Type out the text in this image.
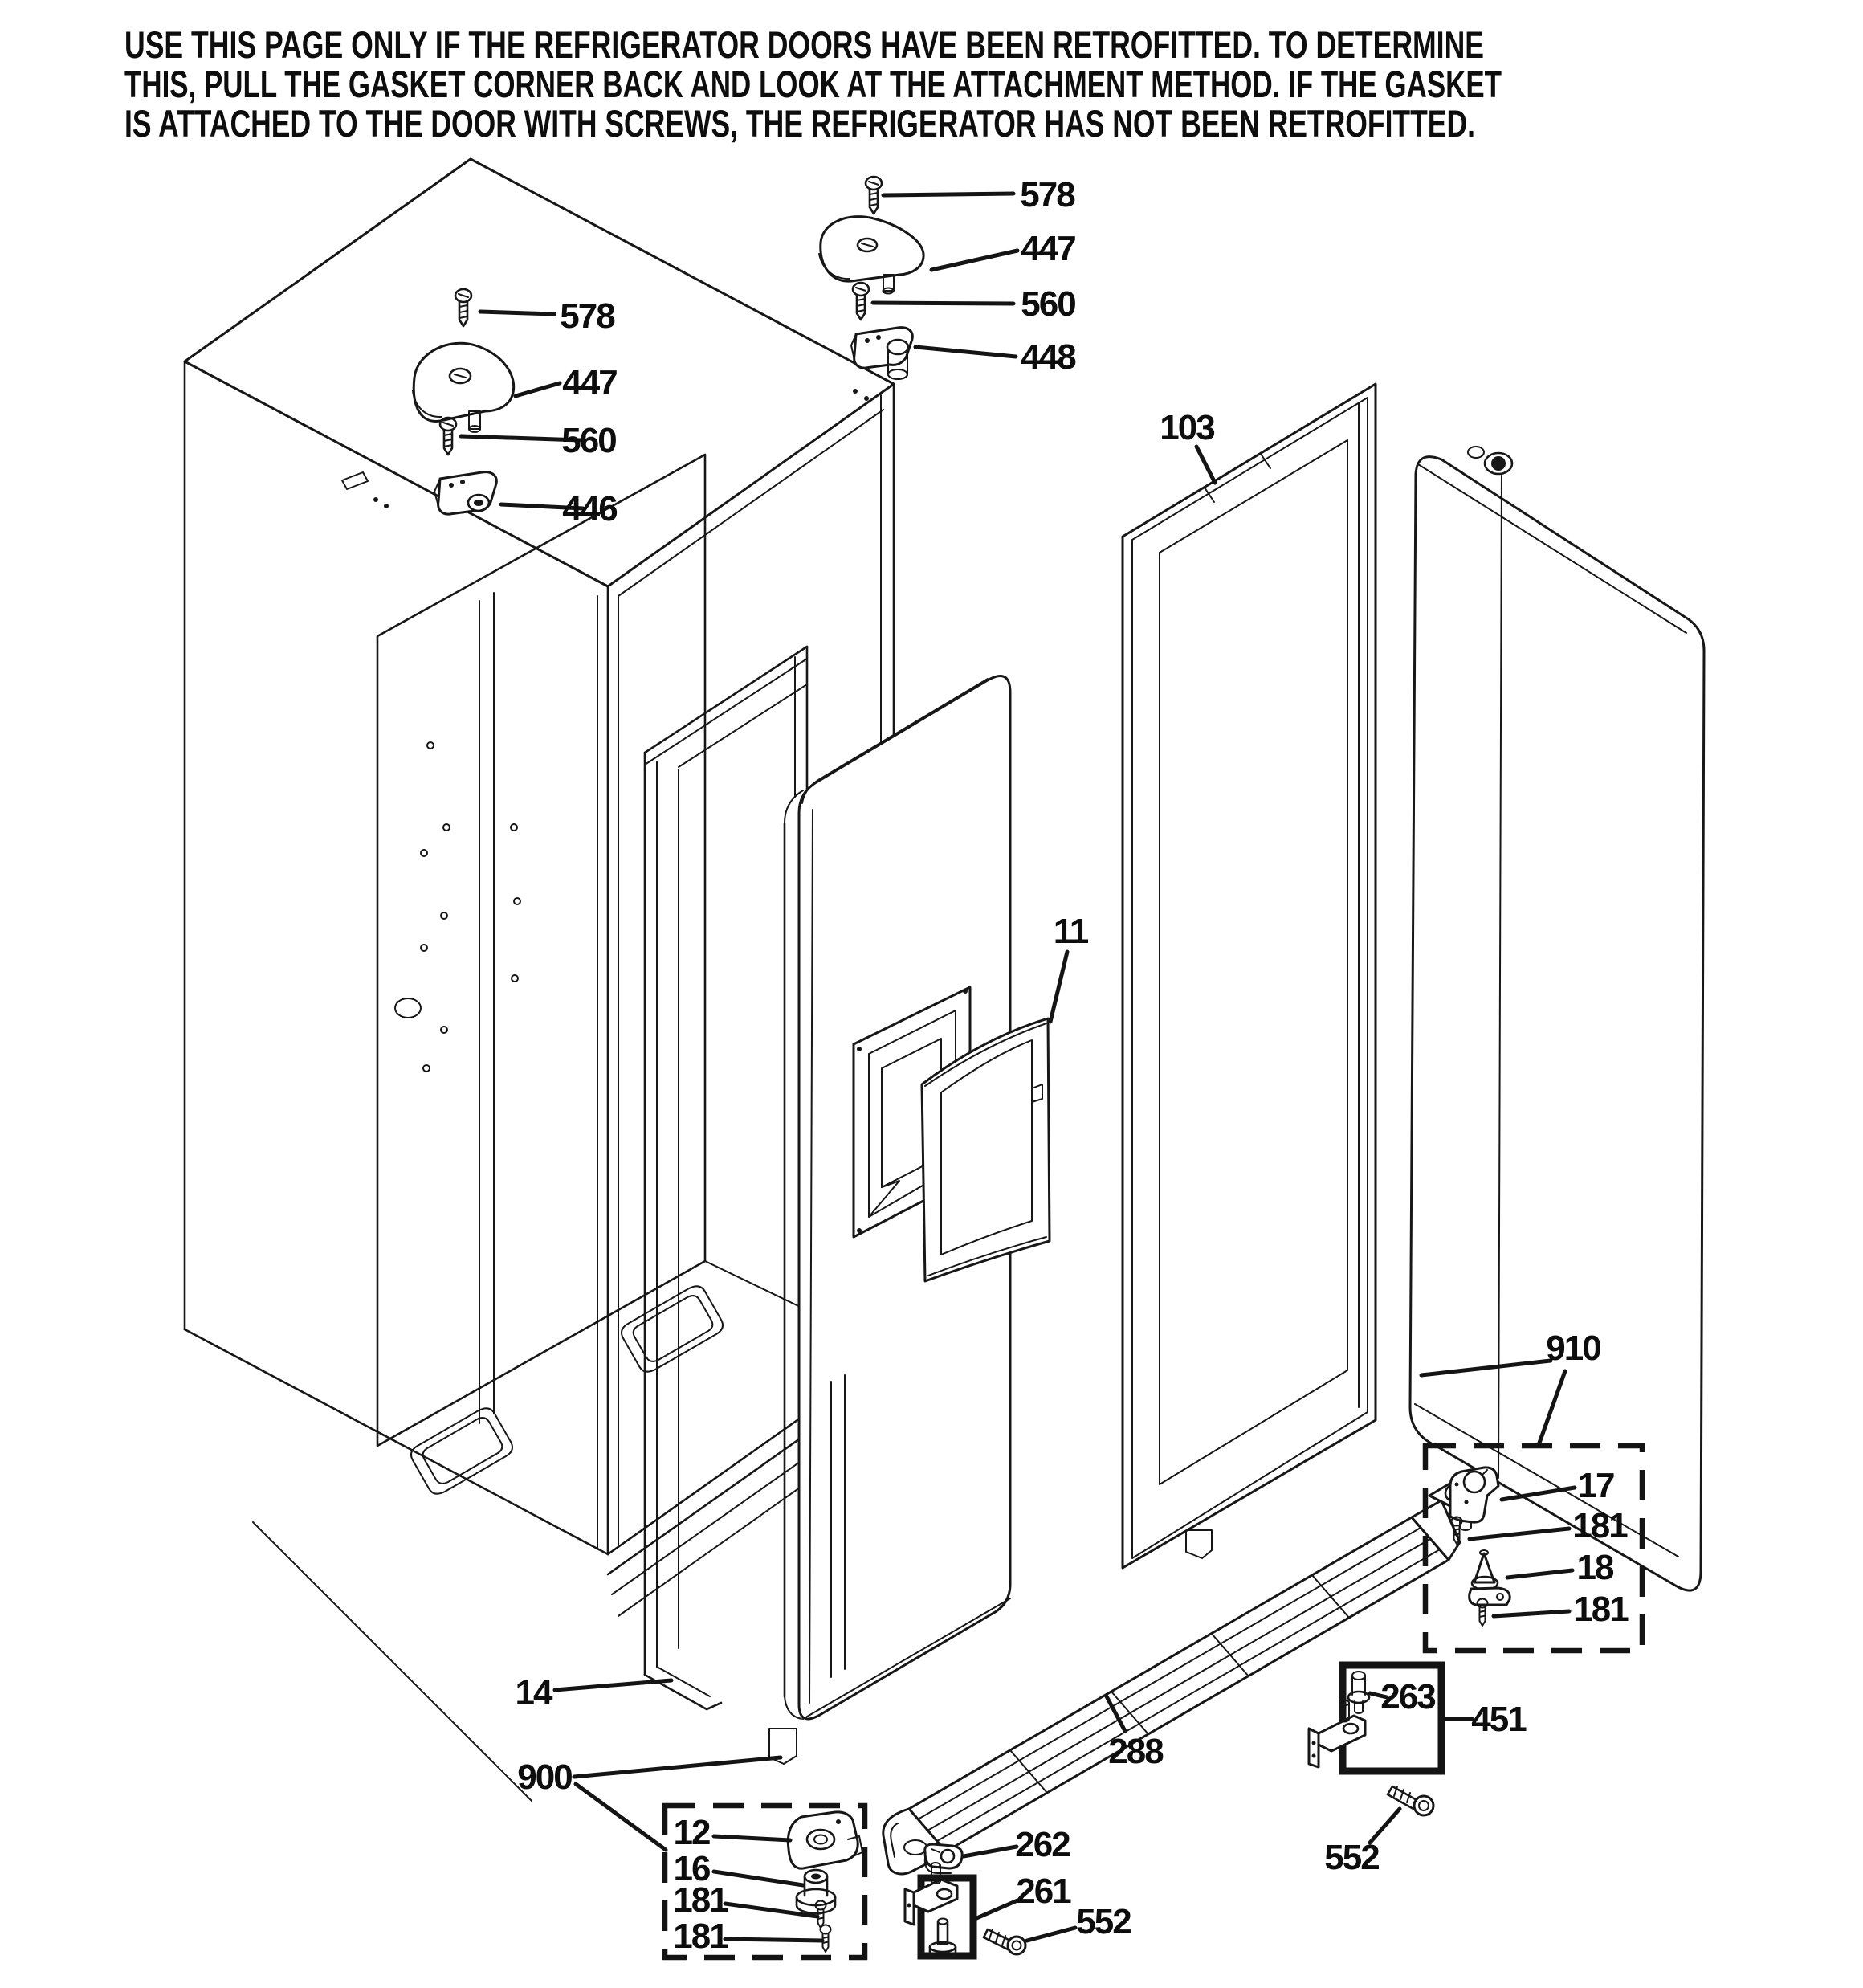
578
447
560
446
578
447
560
448
103
11
910
17
181
18
181
451
263
552
288
262
261
552
14
900
12
16
181
181
USE THIS PAGE ONLY IF THE REFRIGERATOR DOORS HAVE BEEN RETROFITTED. TO DETERMINE
THIS, PULL THE GASKET CORNER BACK AND LOOK AT THE ATTACHMENT METHOD. IF THE GASKET
IS ATTACHED TO THE DOOR WITH SCREWS, THE REFRIGERATOR HAS NOT BEEN RETROFITTED.
